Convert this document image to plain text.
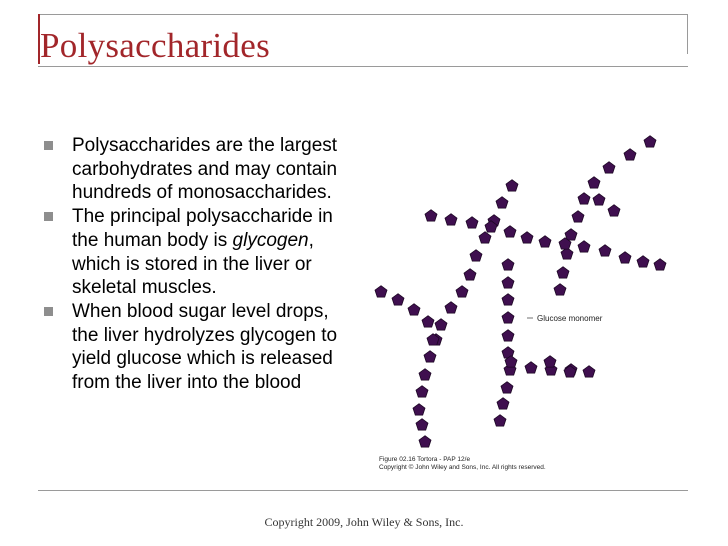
Polysaccharides
Polysaccharides are the largest carbohydrates and may contain hundreds of monosaccharides.
The principal polysaccharide in the human body is glycogen, which is stored in the liver or skeletal muscles.
When blood sugar level drops, the liver hydrolyzes glycogen to yield glucose which is released from the liver into the blood
Glucose monomer
Figure 02.16 Tortora - PAP 12/e
Copyright © John Wiley and Sons, Inc. All rights reserved.
Copyright 2009, John Wiley & Sons, Inc.
